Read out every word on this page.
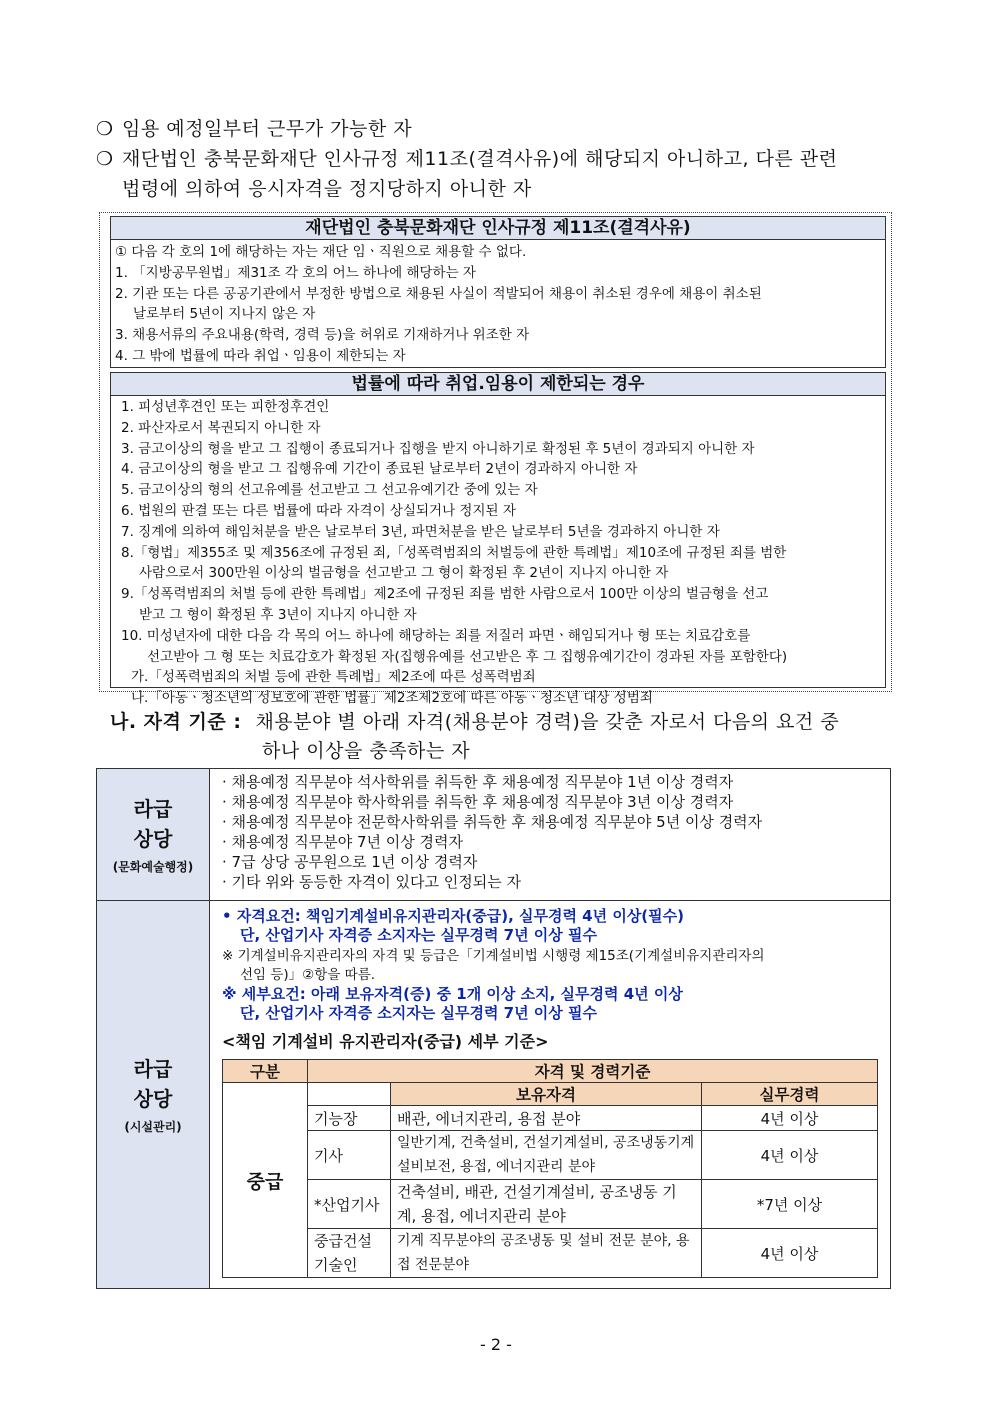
❍ 임용 예정일부터 근무가 가능한 자
❍ 재단법인 충북문화재단 인사규정 제11조(결격사유)에 해당되지 아니하고, 다른 관련
법령에 의하여 응시자격을 정지당하지 아니한 자
재단법인 충북문화재단 인사규정 제11조(결격사유)
① 다음 각 호의 1에 해당하는 자는 재단 임ㆍ직원으로 채용할 수 없다.
1. 「지방공무원법」제31조 각 호의 어느 하나에 해당하는 자
2. 기관 또는 다른 공공기관에서 부정한 방법으로 채용된 사실이 적발되어 채용이 취소된 경우에 채용이 취소된
날로부터 5년이 지나지 않은 자
3. 채용서류의 주요내용(학력, 경력 등)을 허위로 기재하거나 위조한 자
4. 그 밖에 법률에 따라 취업ㆍ임용이 제한되는 자
법률에 따라 취업.임용이 제한되는 경우
1. 피성년후견인 또는 피한정후견인
2. 파산자로서 복권되지 아니한 자
3. 금고이상의 형을 받고 그 집행이 종료되거나 집행을 받지 아니하기로 확정된 후 5년이 경과되지 아니한 자
4. 금고이상의 형을 받고 그 집행유예 기간이 종료된 날로부터 2년이 경과하지 아니한 자
5. 금고이상의 형의 선고유예를 선고받고 그 선고유예기간 중에 있는 자
6. 법원의 판결 또는 다른 법률에 따라 자격이 상실되거나 정지된 자
7. 징계에 의하여 해임처분을 받은 날로부터 3년, 파면처분을 받은 날로부터 5년을 경과하지 아니한 자
8.「형법」제355조 및 제356조에 규정된 죄,「성폭력범죄의 처벌등에 관한 특례법」제10조에 규정된 죄를 범한
사람으로서 300만원 이상의 벌금형을 선고받고 그 형이 확정된 후 2년이 지나지 아니한 자
9.「성폭력범죄의 처벌 등에 관한 특례법」제2조에 규정된 죄를 범한 사람으로서 100만 이상의 벌금형을 선고
받고 그 형이 확정된 후 3년이 지나지 아니한 자
10. 미성년자에 대한 다음 각 목의 어느 하나에 해당하는 죄를 저질러 파면ㆍ해임되거나 형 또는 치료감호를
선고받아 그 형 또는 치료감호가 확정된 자(집행유예를 선고받은 후 그 집행유예기간이 경과된 자를 포함한다)
가.「성폭력범죄의 처벌 등에 관한 특례법」제2조에 따른 성폭력범죄
나.「아동ㆍ청소년의 성보호에 관한 법률」제2조제2호에 따른 아동ㆍ청소년 대상 성범죄
나. 자격 기준 : 채용분야 별 아래 자격(채용분야 경력)을 갖춘 자로서 다음의 요건 중
하나 이상을 충족하는 자
라급
상당
(문화예술행정)
· 채용예정 직무분야 석사학위를 취득한 후 채용예정 직무분야 1년 이상 경력자
· 채용예정 직무분야 학사학위를 취득한 후 채용예정 직무분야 3년 이상 경력자
· 채용예정 직무분야 전문학사학위를 취득한 후 채용예정 직무분야 5년 이상 경력자
· 채용예정 직무분야 7년 이상 경력자
· 7급 상당 공무원으로 1년 이상 경력자
· 기타 위와 동등한 자격이 있다고 인정되는 자
라급
상당
(시설관리)
• 자격요건: 책임기계설비유지관리자(중급), 실무경력 4년 이상(필수)
단, 산업기사 자격증 소지자는 실무경력 7년 이상 필수
※ 기계설비유지관리자의 자격 및 등급은「기계설비법 시행령 제15조(기계설비유지관리자의
선임 등)」②항을 따름.
※ 세부요건: 아래 보유자격(증) 중 1개 이상 소지, 실무경력 4년 이상
단, 산업기사 자격증 소지자는 실무경력 7년 이상 필수
<책임 기계설비 유지관리자(중급) 세부 기준>
구분	자격 및 경력기준		
중급		보유자격	실무경력
	기능장	배관, 에너지관리, 용접 분야	4년 이상
	기사	일반기계, 건축설비, 건설기계설비, 공조냉동기계 설비보전, 용접, 에너지관리 분야	4년 이상
	*산업기사	건축설비, 배관, 건설기계설비, 공조냉동 기계, 용접, 에너지관리 분야	*7년 이상
	중급건설 기술인	기계 직무분야의 공조냉동 및 설비 전문 분야, 용접 전문분야	4년 이상
- 2 -
